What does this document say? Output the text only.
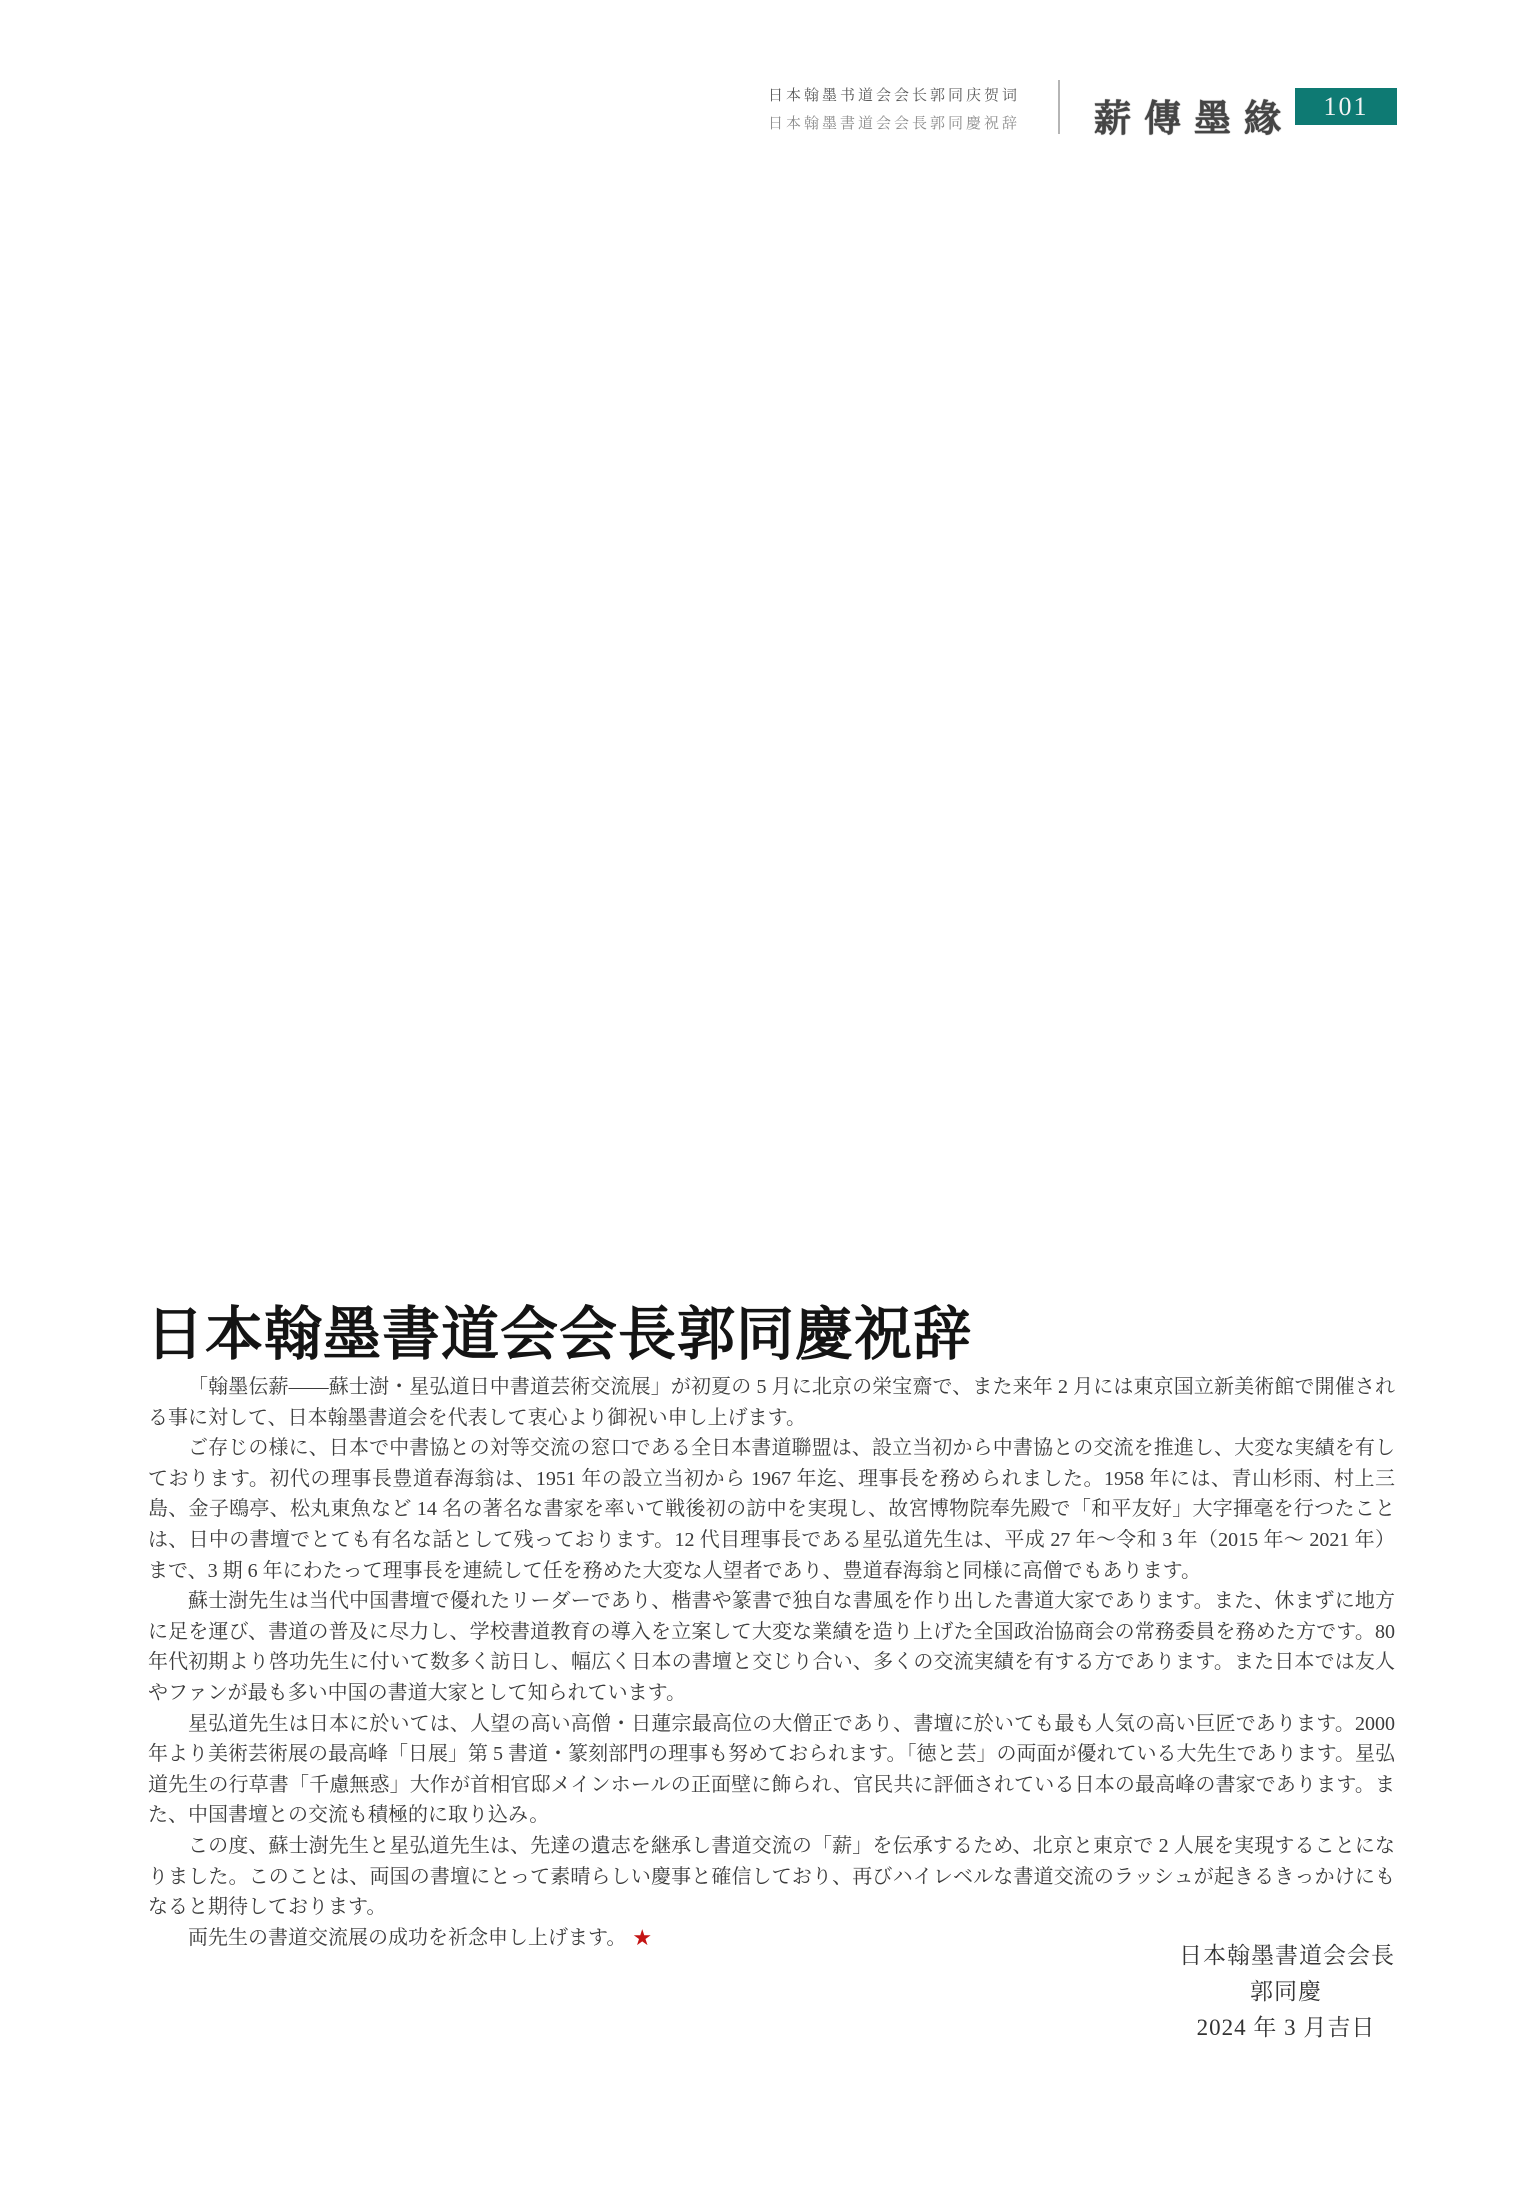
日本翰墨书道会会长郭同庆贺词
日本翰墨書道会会長郭同慶祝辞 薪傳墨緣	101
日本翰墨書道会会長郭同慶祝辞

「翰墨伝薪——蘇士澍・星弘道日中書道芸術交流展」が初夏の 5 月に北京の栄宝齋で、また来年 2 月には東京国立新美術館で開催される事に対して、日本翰墨書道会を代表して衷心より御祝い申し上げます。

ご存じの様に、日本で中書協との対等交流の窓口である全日本書道聯盟は、設立当初から中書協との交流を推進し、大変な実績を有しております。初代の理事長豊道春海翁は、1951 年の設立当初から 1967 年迄、理事長を務められました。1958 年には、青山杉雨、村上三島、金子鴎亭、松丸東魚など 14 名の著名な書家を率いて戦後初の訪中を実現し、故宮博物院奉先殿で「和平友好」大字揮毫を行つたことは、日中の書壇でとても有名な話として残っております。12 代目理事長である星弘道先生は、平成 27 年～令和 3 年（2015 年～ 2021 年）まで、3 期 6 年にわたって理事長を連続して任を務めた大変な人望者であり、豊道春海翁と同様に高僧でもあります。

蘇士澍先生は当代中国書壇で優れたリーダーであり、楷書や篆書で独自な書風を作り出した書道大家であります。また、休まずに地方に足を運び、書道の普及に尽力し、学校書道教育の導入を立案して大変な業績を造り上げた全国政治協商会の常務委員を務めた方です。80 年代初期より啓功先生に付いて数多く訪日し、幅広く日本の書壇と交じり合い、多くの交流実績を有する方であります。また日本では友人やファンが最も多い中国の書道大家として知られています。

星弘道先生は日本に於いては、人望の高い高僧・日蓮宗最高位の大僧正であり、書壇に於いても最も人気の高い巨匠であります。2000 年より美術芸術展の最高峰「日展」第 5 書道・篆刻部門の理事も努めておられます。「徳と芸」の両面が優れている大先生であります。星弘道先生の行草書「千慮無惑」大作が首相官邸メインホールの正面壁に飾られ、官民共に評価されている日本の最高峰の書家であります。また、中国書壇との交流も積極的に取り込み。

この度、蘇士澍先生と星弘道先生は、先達の遺志を継承し書道交流の「薪」を伝承するため、北京と東京で 2 人展を実現することになりました。このことは、両国の書壇にとって素晴らしい慶事と確信しており、再びハイレベルな書道交流のラッシュが起きるきっかけにもなると期待しております。

両先生の書道交流展の成功を祈念申し上げます。 ★

日本翰墨書道会会長
郭同慶
2024 年 3 月吉日
